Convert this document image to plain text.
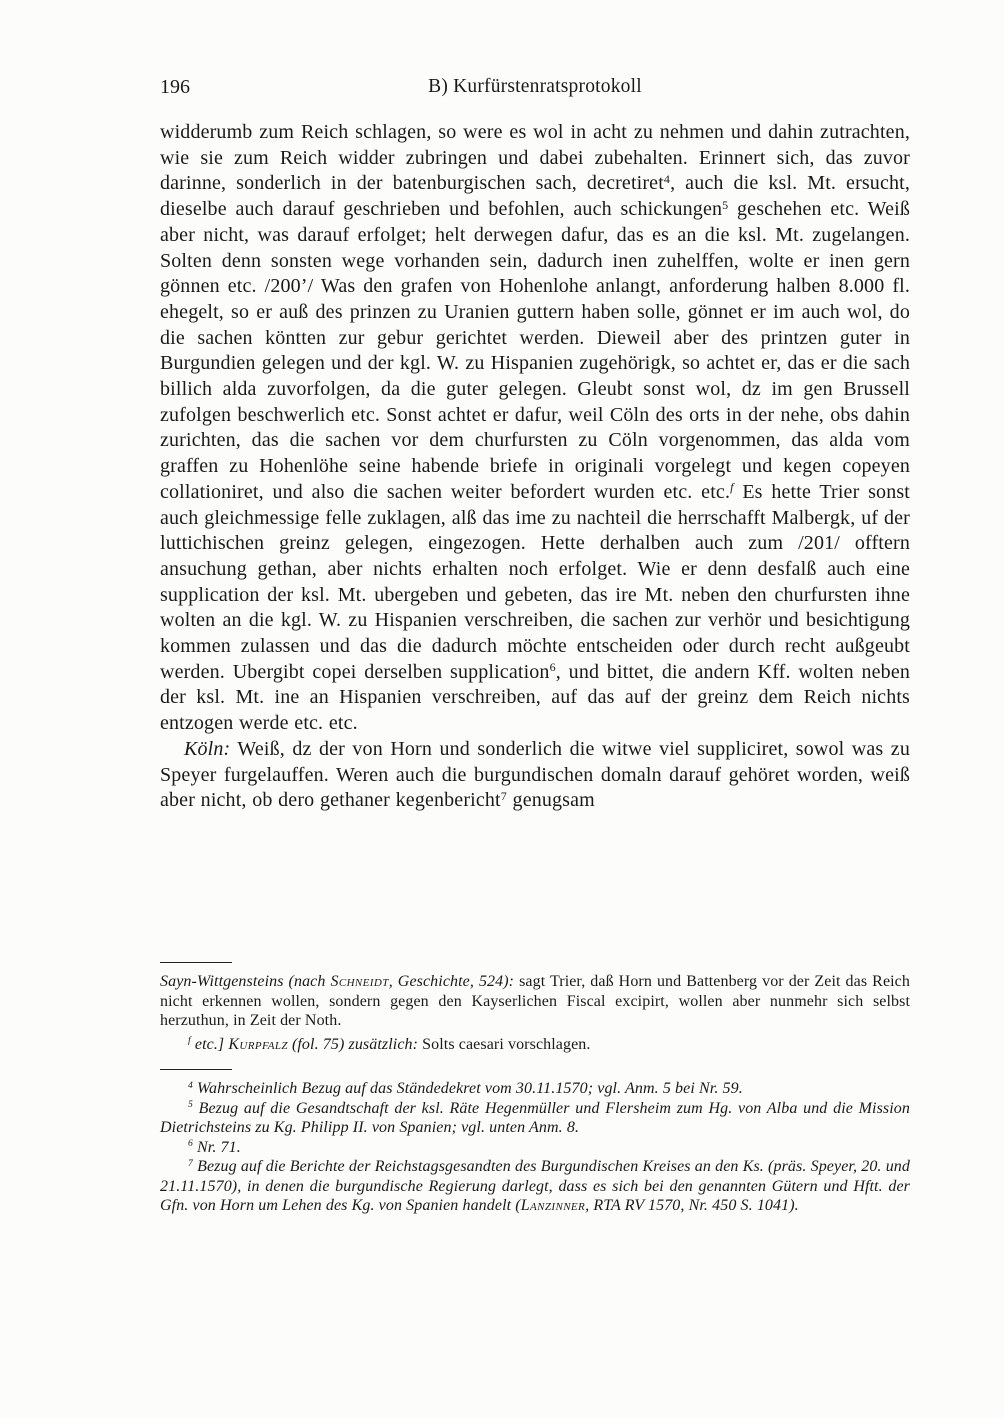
196	B) Kurfürstenratsprotokoll

widderumb zum Reich schlagen, so were es wol in acht zu nehmen und dahin zutrachten, wie sie zum Reich widder zubringen und dabei zubehalten. Erinnert sich, das zuvor darinne, sonderlich in der batenburgischen sach, decretiret$^4$, auch die ksl. Mt. ersucht, dieselbe auch darauf geschrieben und befohlen, auch schickungen$^5$ geschehen etc. Weiß aber nicht, was darauf erfolget; helt derwegen dafur, das es an die ksl. Mt. zugelangen. Solten denn sonsten wege vorhanden sein, dadurch inen zuhelffen, wolte er inen gern gönnen etc. /200’/ Was den grafen von Hohenlohe anlangt, anforderung halben 8.000 fl. ehegelt, so er auß des prinzen zu Uranien guttern haben solle, gönnet er im auch wol, do die sachen köntten zur gebur gerichtet werden. Dieweil aber des printzen guter in Burgundien gelegen und der kgl. W. zu Hispanien zugehörigk, so achtet er, das er die sach billich alda zuvorfolgen, da die guter gelegen. Gleubt sonst wol, dz im gen Brussell zufolgen beschwerlich etc. Sonst achtet er dafur, weil Cöln des orts in der nehe, obs dahin zurichten, das die sachen vor dem churfursten zu Cöln vorgenommen, das alda vom graffen zu Hohenlöhe seine habende briefe in originali vorgelegt und kegen copeyen collationiret, und also die sachen weiter befordert wurden etc. etc.$^f$ Es hette Trier sonst auch gleichmessige felle zuklagen, alß das ime zu nachteil die herrschafft Malbergk, uf der luttichischen greinz gelegen, eingezogen. Hette derhalben auch zum /201/ offtern ansuchung gethan, aber nichts erhalten noch erfolget. Wie er denn desfalß auch eine supplication der ksl. Mt. ubergeben und gebeten, das ire Mt. neben den churfursten ihne wolten an die kgl. W. zu Hispanien verschreiben, die sachen zur verhör und besichtigung kommen zulassen und das die dadurch möchte entscheiden oder durch recht außgeubt werden. Ubergibt copei derselben supplication$^6$, und bittet, die andern Kff. wolten neben der ksl. Mt. ine an Hispanien verschreiben, auf das auf der greinz dem Reich nichts entzogen werde etc. etc.

Köln: Weiß, dz der von Horn und sonderlich die witwe viel suppliciret, sowol was zu Speyer furgelauffen. Weren auch die burgundischen domaln darauf gehöret worden, weiß aber nicht, ob dero gethaner kegenbericht$^7$ genugsam

Sayn-Wittgensteins (nach Schneidt, Geschichte, 524): sagt Trier, daß Horn und Battenberg vor der Zeit das Reich nicht erkennen wollen, sondern gegen den Kayserlichen Fiscal excipirt, wollen aber nunmehr sich selbst herzuthun, in Zeit der Noth.

$^f$ etc.] Kurpfalz (fol. 75) zusätzlich: Solts caesari vorschlagen.

$^4$ Wahrscheinlich Bezug auf das Ständedekret vom 30.11.1570; vgl. Anm. 5 bei Nr. 59.

$^5$ Bezug auf die Gesandtschaft der ksl. Räte Hegenmüller und Flersheim zum Hg. von Alba und die Mission Dietrichsteins zu Kg. Philipp II. von Spanien; vgl. unten Anm. 8.

$^6$ Nr. 71.

$^7$ Bezug auf die Berichte der Reichstagsgesandten des Burgundischen Kreises an den Ks. (präs. Speyer, 20. und 21.11.1570), in denen die burgundische Regierung darlegt, dass es sich bei den genannten Gütern und Hftt. der Gfn. von Horn um Lehen des Kg. von Spanien handelt (Lanzinner, RTA RV 1570, Nr. 450 S. 1041).
